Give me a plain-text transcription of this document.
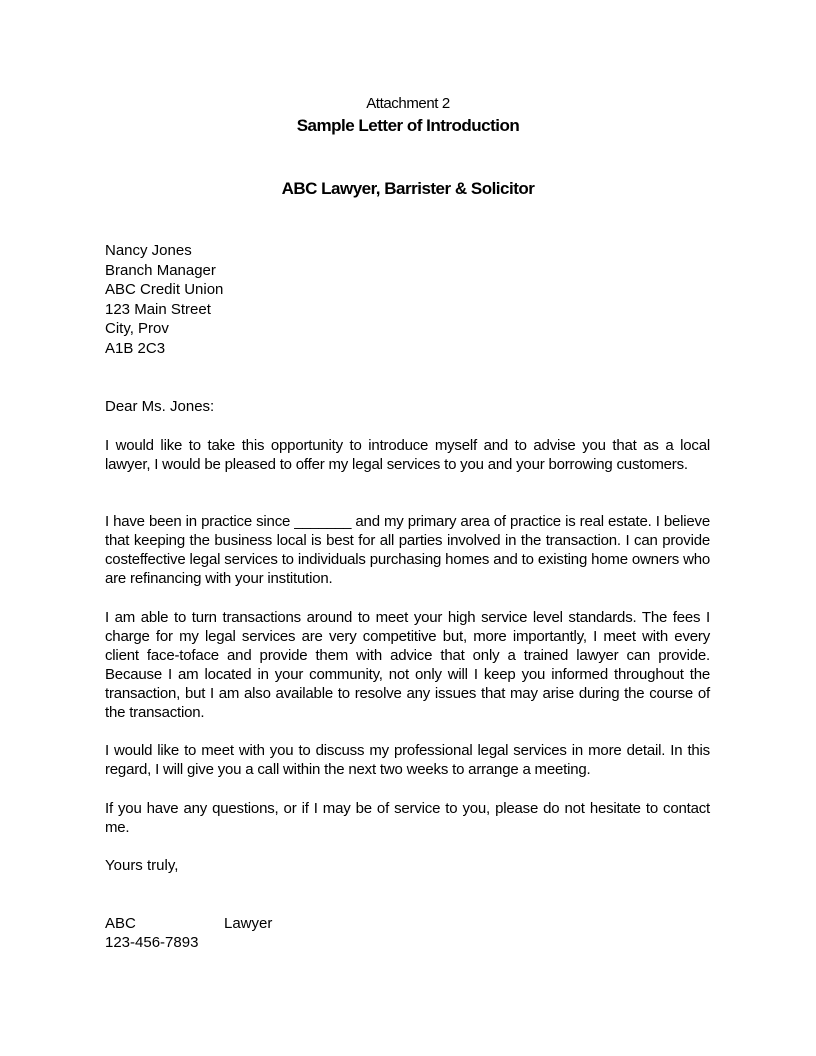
Attachment 2
Sample Letter of Introduction
ABC Lawyer, Barrister & Solicitor
Nancy Jones
Branch Manager
ABC Credit Union
123 Main Street
City, Prov
A1B 2C3

Dear Ms. Jones:

I would like to take this opportunity to introduce myself and to advise you that as a local lawyer, I would be pleased to offer my legal services to you and your borrowing customers.

I have been in practice since _______ and my primary area of practice is real estate. I believe that keeping the business local is best for all parties involved in the transaction. I can provide costeffective legal services to individuals purchasing homes and to existing home owners who are refinancing with your institution.

I am able to turn transactions around to meet your high service level standards. The fees I charge for my legal services are very competitive but, more importantly, I meet with every client face-toface and provide them with advice that only a trained lawyer can provide. Because I am located in your community, not only will I keep you informed throughout the transaction, but I am also available to resolve any issues that may arise during the course of the transaction.

I would like to meet with you to discuss my professional legal services in more detail. In this regard, I will give you a call within the next two weeks to arrange a meeting.

If you have any questions, or if I may be of service to you, please do not hesitate to contact me.

Yours truly,

ABC	Lawyer
123-456-7893
